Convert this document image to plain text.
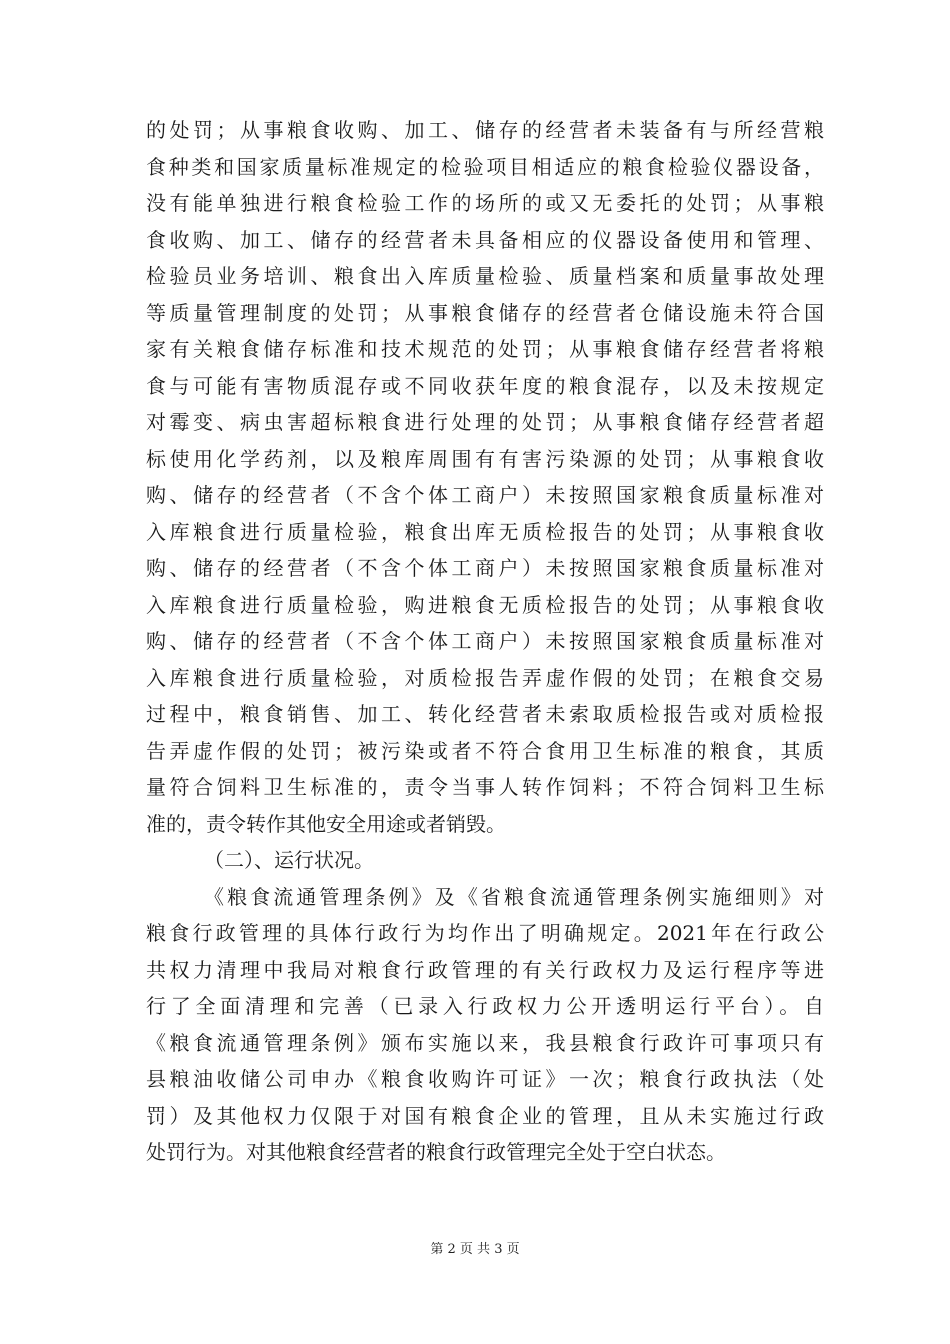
的处罚；从事粮食收购、加工、储存的经营者未装备有与所经营粮
食种类和国家质量标准规定的检验项目相适应的粮食检验仪器设备，
没有能单独进行粮食检验工作的场所的或又无委托的处罚；从事粮
食收购、加工、储存的经营者未具备相应的仪器设备使用和管理、
检验员业务培训、粮食出入库质量检验、质量档案和质量事故处理
等质量管理制度的处罚；从事粮食储存的经营者仓储设施未符合国
家有关粮食储存标准和技术规范的处罚；从事粮食储存经营者将粮
食与可能有害物质混存或不同收获年度的粮食混存，以及未按规定
对霉变、病虫害超标粮食进行处理的处罚；从事粮食储存经营者超
标使用化学药剂，以及粮库周围有有害污染源的处罚；从事粮食收
购、储存的经营者（不含个体工商户）未按照国家粮食质量标准对
入库粮食进行质量检验，粮食出库无质检报告的处罚；从事粮食收
购、储存的经营者（不含个体工商户）未按照国家粮食质量标准对
入库粮食进行质量检验，购进粮食无质检报告的处罚；从事粮食收
购、储存的经营者（不含个体工商户）未按照国家粮食质量标准对
入库粮食进行质量检验，对质检报告弄虚作假的处罚；在粮食交易
过程中，粮食销售、加工、转化经营者未索取质检报告或对质检报
告弄虚作假的处罚；被污染或者不符合食用卫生标准的粮食，其质
量符合饲料卫生标准的，责令当事人转作饲料；不符合饲料卫生标
准的，责令转作其他安全用途或者销毁。
（二）、运行状况。
《粮食流通管理条例》及《省粮食流通管理条例实施细则》对
粮食行政管理的具体行政行为均作出了明确规定。2021年在行政公
共权力清理中我局对粮食行政管理的有关行政权力及运行程序等进
行了全面清理和完善（已录入行政权力公开透明运行平台）。自
《粮食流通管理条例》颁布实施以来，我县粮食行政许可事项只有
县粮油收储公司申办《粮食收购许可证》一次；粮食行政执法（处
罚）及其他权力仅限于对国有粮食企业的管理，且从未实施过行政
处罚行为。对其他粮食经营者的粮食行政管理完全处于空白状态。
第 2 页 共 3 页
